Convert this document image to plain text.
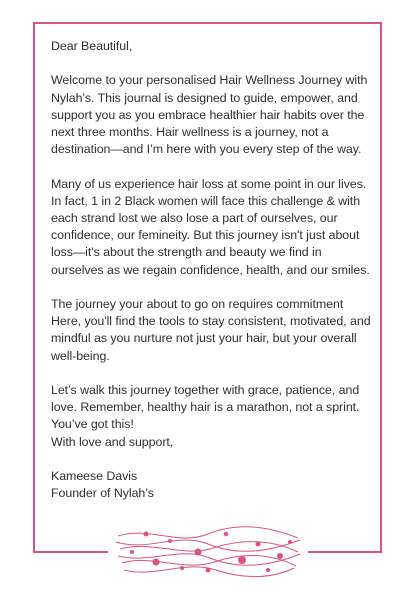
Dear Beautiful,

Welcome to your personalised Hair Wellness Journey with Nylah’s. This journal is designed to guide, empower, and support you as you embrace healthier hair habits over the next three months. Hair wellness is a journey, not a destination—and I’m here with you every step of the way.

Many of us experience hair loss at some point in our lives. In fact, 1 in 2 Black women will face this challenge & with each strand lost we also lose a part of ourselves, our confidence, our femineity. But this journey isn't just about loss—it's about the strength and beauty we find in ourselves as we regain confidence, health, and our smiles.

The journey your about to go on requires commitment Here, you'll find the tools to stay consistent, motivated, and mindful as you nurture not just your hair, but your overall well-being.

Let’s walk this journey together with grace, patience, and love. Remember, healthy hair is a marathon, not a sprint. You’ve got this!

With love and support,

Kameese Davis

Founder of Nylah’s
